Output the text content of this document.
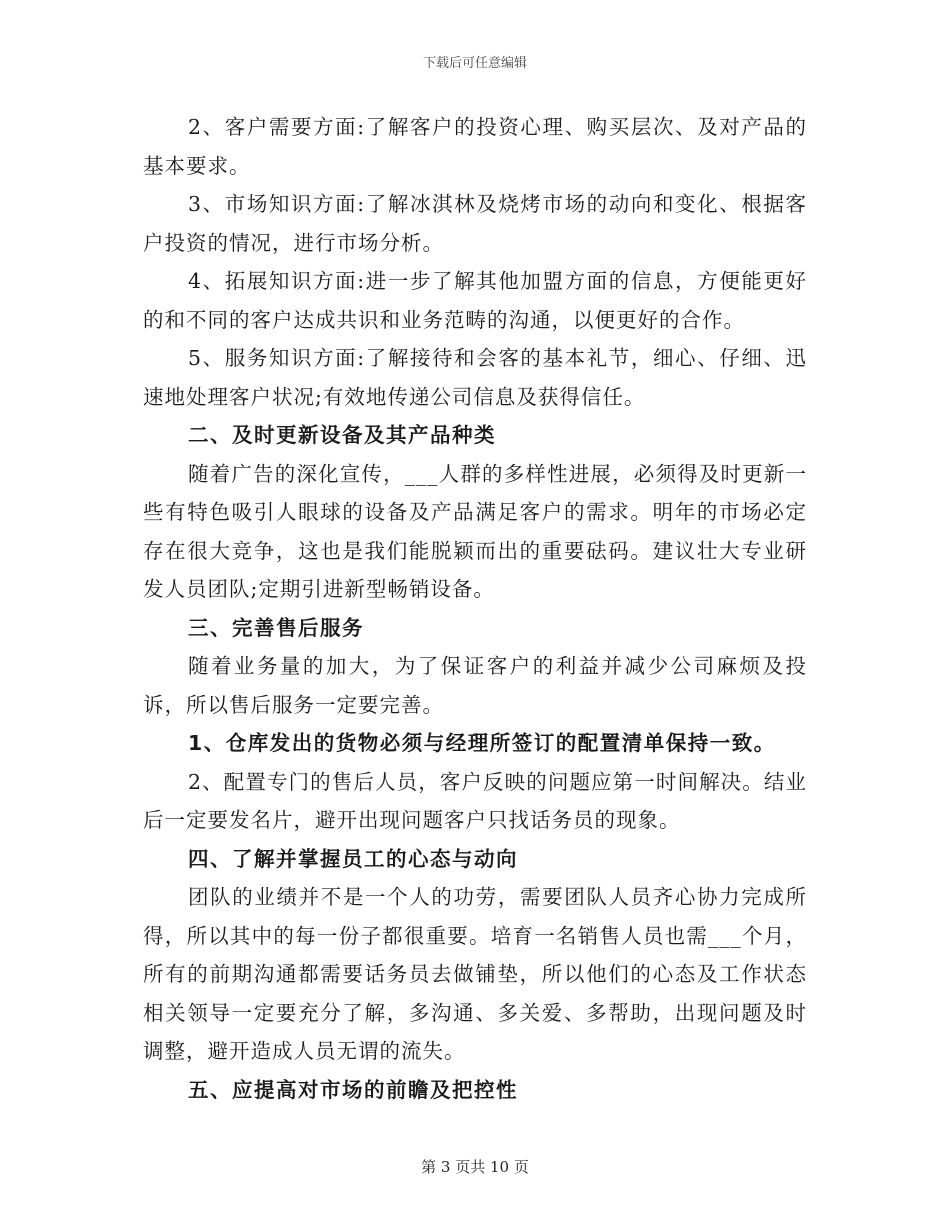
下载后可任意编辑

2、客户需要方面:了解客户的投资心理、购买层次、及对产品的基本要求。

3、市场知识方面:了解冰淇林及烧烤市场的动向和变化、根据客户投资的情况，进行市场分析。

4、拓展知识方面:进一步了解其他加盟方面的信息，方便能更好的和不同的客户达成共识和业务范畴的沟通，以便更好的合作。

5、服务知识方面:了解接待和会客的基本礼节，细心、仔细、迅速地处理客户状况;有效地传递公司信息及获得信任。

二、及时更新设备及其产品种类

随着广告的深化宣传，___人群的多样性进展，必须得及时更新一些有特色吸引人眼球的设备及产品满足客户的需求。明年的市场必定存在很大竞争，这也是我们能脱颖而出的重要砝码。建议壮大专业研发人员团队;定期引进新型畅销设备。

三、完善售后服务

随着业务量的加大，为了保证客户的利益并减少公司麻烦及投诉，所以售后服务一定要完善。

1、仓库发出的货物必须与经理所签订的配置清单保持一致。

2、配置专门的售后人员，客户反映的问题应第一时间解决。结业后一定要发名片，避开出现问题客户只找话务员的现象。

四、了解并掌握员工的心态与动向

团队的业绩并不是一个人的功劳，需要团队人员齐心协力完成所得，所以其中的每一份子都很重要。培育一名销售人员也需___个月，所有的前期沟通都需要话务员去做铺垫，所以他们的心态及工作状态相关领导一定要充分了解，多沟通、多关爱、多帮助，出现问题及时调整，避开造成人员无谓的流失。

五、应提高对市场的前瞻及把控性

第 3 页共 10 页
